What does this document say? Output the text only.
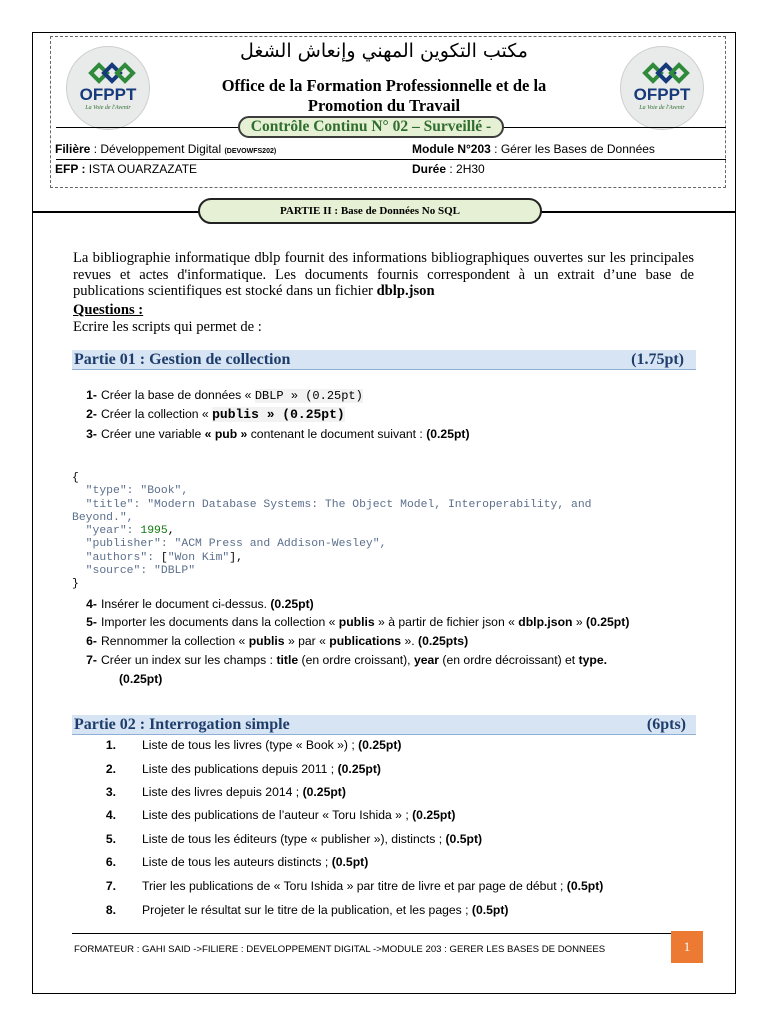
OFPPT
La Voie de l'Avenir
OFPPT
La Voie de l'Avenir
مكتب التكوين المهني وإنعاش الشغل
Office de la Formation Professionnelle et de la
Promotion du Travail
Contrôle Continu N° 02 – Surveillé -
Filière : Développement Digital (DEVOWFS202)	Module N°203 : Gérer les Bases de Données
EFP : ISTA OUARZAZATE	Durée : 2H30
PARTIE II : Base de Données No SQL
La bibliographie informatique dblp fournit des informations bibliographiques ouvertes sur les principales revues et actes d'informatique. Les documents fournis correspondent à un extrait d’une base de publications scientifiques est stocké dans un fichier dblp.json
Questions :
Ecrire les scripts qui permet de :
Partie 01 : Gestion de collection	(1.75pt)
1- Créer la base de données « DBLP » (0.25pt)
2- Créer la collection « publis » (0.25pt)
3- Créer une variable « pub » contenant le document suivant : (0.25pt)
{
"type": "Book",
"title": "Modern Database Systems: The Object Model, Interoperability, and
Beyond.",
"year": 1995,
"publisher": "ACM Press and Addison-Wesley",
"authors": ["Won Kim"],
"source": "DBLP"
}
4- Insérer le document ci-dessus. (0.25pt)
5- Importer les documents dans la collection « publis » à partir de fichier json « dblp.json » (0.25pt)
6- Rennommer la collection « publis » par « publications ». (0.25pts)
7- Créer un index sur les champs : title (en ordre croissant), year (en ordre décroissant) et type.
(0.25pt)
Partie 02 : Interrogation simple	(6pts)
1. Liste de tous les livres (type « Book ») ; (0.25pt)
2. Liste des publications depuis 2011 ; (0.25pt)
3. Liste des livres depuis 2014 ; (0.25pt)
4. Liste des publications de l’auteur « Toru Ishida » ; (0.25pt)
5. Liste de tous les éditeurs (type « publisher »), distincts ; (0.5pt)
6. Liste de tous les auteurs distincts ; (0.5pt)
7. Trier les publications de « Toru Ishida » par titre de livre et par page de début ; (0.5pt)
8. Projeter le résultat sur le titre de la publication, et les pages ; (0.5pt)
FORMATEUR : GAHI SAID ->FILIERE : DEVELOPPEMENT DIGITAL ->MODULE 203 : GERER LES BASES DE DONNEES	1
